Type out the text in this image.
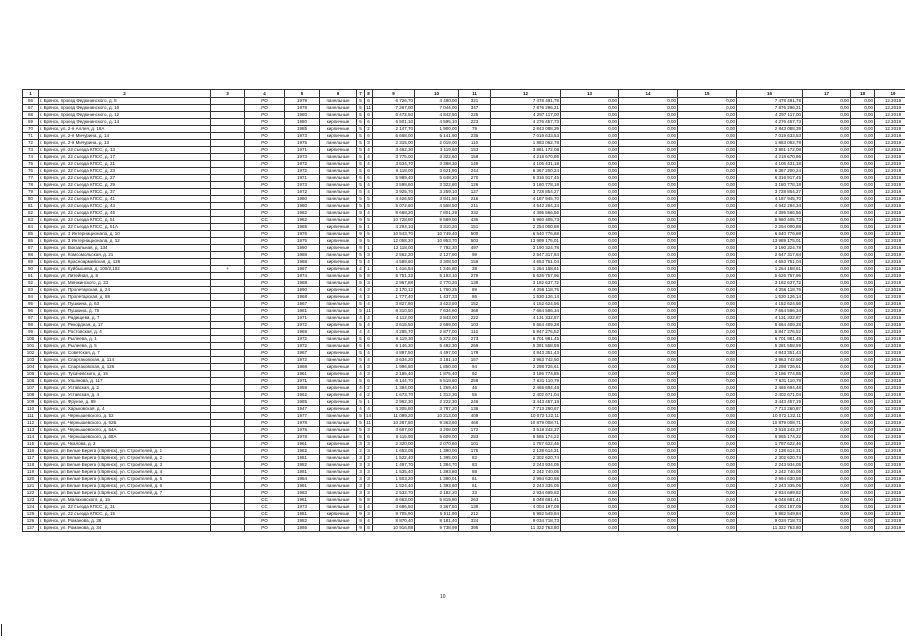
1	2	3	4	5	6	7	8	9	10	11	12	13	14	15	16	17	18	19
66	г. Брянск, проезд Федюнинского, д. 8		РО	1979	панельные	5	6	6 726,70	4 490,00	321	7 478 491,78	0,00	0,00	0,00	7 478 491,78	0,00	0,00	12.2019
67	г. Брянск, проезд Федюнинского, д. 10		РО	1978	панельные	5	11	7 267,90	7 044,00	347	7 876 296,21	0,00	0,00	0,00	7 876 296,21	0,00	0,00	12.2019
68	г. Брянск, проезд Федюнинского, д. 12		РО	1980	панельные	5	6	6 472,50	4 842,50	225	4 297 117,00	0,00	0,00	0,00	4 297 117,00	0,00	0,00	12.2019
69	г. Брянск, проезд Федюнинского, д. 14		РО	1980	кирпичные	5	6	6 501,10	4 595,10	223	4 276 457,73	0,00	0,00	0,00	4 276 457,73	0,00	0,00	12.2019
70	г. Брянск, ул. 2-я Аллея, д. 18А		РО	1985	кирпичные	5	2	2 147,70	1 900,00	79	2 843 088,39	0,00	0,00	0,00	2 843 088,39	0,00	0,00	12.2019
71	г. Брянск, ул. 2-я Мичурина, д. 14		РО	1973	кирпичные	5	6	6 668,00	5 141,90	236	7 019 633,53	0,00	0,00	0,00	7 019 633,53	0,00	0,00	12.2019
72	г. Брянск, ул. 2-я Мичурина, д. 13		РО	1975	панельные	5	3	2 315,00	2 019,00	110	1 883 062,78	0,00	0,00	0,00	1 883 062,78	0,00	0,00	12.2019
73	г. Брянск, ул. 22 съезда КПСС, д. 13		РО	1971	кирпичные	5	4	3 462,30	3 119,60	153	3 881 172,08	0,00	0,00	0,00	3 881 172,08	0,00	0,00	12.2019
74	г. Брянск, ул. 22 съезда КПСС, д. 17		РО	1973	панельные	5	4	3 775,00	3 322,60	158	4 218 670,86	0,00	0,00	0,00	4 218 670,86	0,00	0,00	12.2019
75	г. Брянск, ул. 22 съезда КПСС, д. 21		РО	1972	панельные	5	4	3 634,70	3 388,30	149	4 105 431,18	0,00	0,00	0,00	4 105 431,18	0,00	0,00	12.2019
76	г. Брянск, ул. 22 съезда КПСС, д. 23		РО	1972	панельные	5	6	6 118,00	3 621,90	244	6 367 200,24	0,00	0,00	0,00	6 367 200,24	0,00	0,00	12.2019
77	г. Брянск, ул. 22 съезда КПСС, д. 27		РО	1971	панельные	5	6	5 989,40	5 648,20	270	6 316 917,45	0,00	0,00	0,00	6 316 917,45	0,00	0,00	12.2019
78	г. Брянск, ул. 22 съезда КПСС, д. 29		РО	1973	панельные	5	4	3 598,60	3 322,60	126	3 180 778,18	0,00	0,00	0,00	3 180 778,18	0,00	0,00	12.2019
79	г. Брянск, ул. 22 съезда КПСС, д. 37		РО	1972	панельные	5	4	3 925,70	3 259,10	127	3 728 854,27	0,00	0,00	0,00	3 728 854,27	0,00	0,00	12.2019
80	г. Брянск, ул. 22 съезда КПСС, д. 41		РО	1980	панельные	5	5	4 426,50	3 941,50	216	4 187 945,70	0,00	0,00	0,00	4 187 945,70	0,00	0,00	12.2019
81	г. Брянск, ул. 22 съезда КПСС, д. 43		РО	1980	панельные	5	5	5 072,60	4 558,50	211	4 542 284,34	0,00	0,00	0,00	4 542 284,34	0,00	0,00	12.2019
82	г. Брянск, ул. 22 съезда КПСС, д. 45		РО	1982	панельные	9	4	8 668,20	7 801,29	332	4 395 566,56	0,00	0,00	0,00	4 395 566,56	0,00	0,00	12.2019
83	г. Брянск, ул. 22 съезда КПСС, д. 51		СС	1982	панельные	9	5	10 728,80	9 589,00	435	5 960 405,73	0,00	0,00	0,00	5 960 405,73	0,00	0,00	12.2019
84	г. Брянск, ул. 22 съезда КПСС, д. 51А		РО	1985	кирпичные	5	1	4 294,10	3 310,20	151	2 254 000,88	0,00	0,00	0,00	2 254 000,88	0,00	0,00	12.2019
85	г. Брянск, ул. 3 Интернационала, д. 10		РО	1976	панельные	9	5	10 543,70	10 749,40	500	6 540 776,68	0,00	0,00	0,00	6 540 776,68	0,00	0,00	12.2019
86	г. Брянск, ул. 3 Интернационала, д. 12		РО	1975	кирпичные	9	5	12 058,20	10 953,70	503	13 989 175,01	0,00	0,00	0,00	13 989 175,01	0,00	0,00	12.2019
87	г. Брянск, ул. Вокзальная, д. 134		РО	1990	кирпичные	9	1	12 118,00	7 792,20	497	3 190 324,78	0,00	0,00	0,00	3 190 324,78	0,00	0,00	12.2019
88	г. Брянск, ул. Комсомольская, д. 21		РО	1988	панельные	5	3	2 562,20	2 127,90	98	2 547 317,84	0,00	0,00	0,00	2 547 317,84	0,00	0,00	12.2019
89	г. Брянск, ул. Красноармейская, д. 126		РО	1988	кирпичные	5	4	4 589,60	3 308,50	156	4 653 751,04	0,00	0,00	0,00	4 653 751,04	0,00	0,00	12.2019
90	г. Брянск, ул. Куйбышева, д. 100/2,102	+	РО	1967	кирпичные	4	1	1 416,94	1 246,80	28	1 264 158,61	0,00	0,00	0,00	1 264 158,61	0,00	0,00	12.2019
91	г. Брянск, ул. Литейная, д. 8		РО	1974	панельные	5	8	5 751,33	5 183,10	279	5 626 757,95	0,00	0,00	0,00	5 626 757,95	0,00	0,00	12.2019
92	г. Брянск, ул. Менжинского, д. 33		РО	1988	панельные	5	3	2 967,88	2 770,20	138	3 182 637,72	0,00	0,00	0,00	3 182 637,72	0,00	0,00	12.2019
93	г. Брянск, ул. Пролетарская, д. 24		РО	1990	кирпичные	4	3	2 170,12	1 760,25	89	4 256 118,76	0,00	0,00	0,00	4 256 118,76	0,00	0,00	12.2019
94	г. Брянск, ул. Пролетарская, д. 58		РО	1968	кирпичные	4	2	1 777,40	1 437,33	86	1 530 126,14	0,00	0,00	0,00	1 530 126,14	0,00	0,00	12.2019
95	г. Брянск, ул. Пушкина, д. 63		РО	1967	панельные	5	4	3 827,80	3 423,50	152	4 152 624,56	0,00	0,00	0,00	4 152 624,56	0,00	0,00	12.2019
96	г. Брянск, ул. Пушкина, д. 75		РО	1981	панельные	5	11	8 310,50	7 634,60	368	7 664 586,34	0,00	0,00	0,00	7 664 586,34	0,00	0,00	12.2019
97	г. Брянск, ул. Радищева, д. 7		РО	1971	панельные	4	4	4 112,00	2 843,00	222	4 131 332,87	0,00	0,00	0,00	4 131 332,87	0,00	0,00	12.2019
98	г. Брянск, ул. Рекордная, д. 17		РО	1972	кирпичные	5	4	3 615,50	2 689,00	103	5 664 409,28	0,00	0,00	0,00	5 664 409,28	0,00	0,00	12.2019
99	г. Брянск, ул. Ростовская, д. 4		РО	1969	кирпичные	4	4	4 285,70	2 877,00	110	5 847 276,52	0,00	0,00	0,00	5 847 276,52	0,00	0,00	12.2019
100	г. Брянск, ул. Рылеева, д. 1		РО	1972	панельные	5	6	6 119,30	5 272,00	273	6 701 981,45	0,00	0,00	0,00	6 701 981,45	0,00	0,00	12.2019
101	г. Брянск, ул. Рылеева, д. 5		РО	1972	панельные	5	6	6 146,20	5 492,30	269	5 381 558,59	0,00	0,00	0,00	5 381 558,59	0,00	0,00	12.2019
102	г. Брянск, ул. Советская, д. 7		РО	1967	кирпичные	5	4	4 897,50	4 497,00	179	4 843 351,43	0,00	0,00	0,00	4 843 351,43	0,00	0,00	12.2019
103	г. Брянск, ул. Спартаковская, д. 114		РО	1972	панельные	5	4	3 634,20	3 181,10	157	3 963 742,50	0,00	0,00	0,00	3 963 742,50	0,00	0,00	12.2019
104	г. Брянск, ул. Спартаковская, д. 126		РО	1968	кирпичные	4	3	1 996,80	1 850,00	94	2 298 726,61	0,00	0,00	0,00	2 298 726,61	0,00	0,00	12.2019
105	г. Брянск, ул. Тухачевского, д. 15		РО	1961	кирпичные	4	3	2 185,40	1 875,40	92	3 186 774,85	0,00	0,00	0,00	3 186 774,85	0,00	0,00	12.2019
106	г. Брянск, ул. Ульянова, д. 117		РО	1971	панельные	5	6	6 144,70	5 519,60	258	7 631 110,79	0,00	0,00	0,00	7 631 110,79	0,00	0,00	12.2019
107	г. Брянск, ул. Уставская, д. 2		РО	1959	кирпичные	4	2	1 394,00	1 269,40	46	2 465 694,48	0,00	0,00	0,00	2 465 694,48	0,00	0,00	12.2019
108	г. Брянск, ул. Уставская, д. 4		РО	1962	кирпичные	4	2	1 673,70	1 312,30	55	2 402 671,04	0,00	0,00	0,00	2 402 671,04	0,00	0,00	12.2019
109	г. Брянск, ул. Фрунзе, д. 89		РО	1985	кирпичные	5	1	2 962,30	2 222,30	246	3 443 457,19	0,00	0,00	0,00	3 443 457,19	0,00	0,00	12.2019
110	г. Брянск, ул. Харьковская, д. 4		РО	1947	кирпичные	4	4	4 305,80	3 787,20	136	7 713 260,87	0,00	0,00	0,00	7 713 260,87	0,00	0,00	12.2019
111	г. Брянск, ул. Чернышевского, д. 52		РО	1977	панельные	5	14	11 099,20	10 213,00	409	10 072 122,11	0,00	0,00	0,00	10 072 122,11	0,00	0,00	12.2019
112	г. Брянск, ул. Чернышевского, д. 52Б		РО	1978	панельные	5	11	10 287,80	9 363,60	466	10 879 008,71	0,00	0,00	0,00	10 879 008,71	0,00	0,00	12.2019
113	г. Брянск, ул. Чернышевского, д. 64А		РО	1976	панельные	5	3	3 607,00	3 208,00	172	3 518 242,37	0,00	0,00	0,00	3 518 242,37	0,00	0,00	12.2019
114	г. Брянск, ул. Чернышевского, д. 68А		РО	1978	панельные	5	6	6 115,90	5 609,00	283	6 565 174,22	0,00	0,00	0,00	6 565 174,22	0,00	0,00	12.2019
115	г. Брянск, ул. Чкалова, д. 2		РО	1961	кирпичные	3	3	2 320,00	2 070,60	101	1 787 622,46	0,00	0,00	0,00	1 787 622,46	0,00	0,00	12.2019
116	г. Брянск, рп Белые Берега (г.Брянск), ул. Строителей, д. 1		РО	1982	панельные	2	3	1 653,05	1 390,00	176	2 138 614,31	0,00	0,00	0,00	2 138 614,31	0,00	0,00	12.2019
117	г. Брянск, рп Белые Берега (г.Брянск), ул. Строителей, д. 2		РО	1981	панельные	3	3	1 522,40	1 395,00	82	2 302 620,74	0,00	0,00	0,00	2 302 620,74	0,00	0,00	12.2019
118	г. Брянск, рп Белые Берега (г.Брянск), ул. Строителей, д. 3		РО	1982	панельные	3	3	1 497,70	1 384,70	83	2 243 934,05	0,00	0,00	0,00	2 243 934,05	0,00	0,00	12.2019
119	г. Брянск, рп Белые Берега (г.Брянск), ул. Строителей, д. 4		РО	1981	панельные	3	3	1 535,40	1 393,80	88	2 242 740,05	0,00	0,00	0,00	2 242 740,05	0,00	0,00	12.2019
120	г. Брянск, рп Белые Берега (г.Брянск), ул. Строителей, д. 5		РО	1984	панельные	3	3	1 503,20	1 390,01	81	2 994 630,58	0,00	0,00	0,00	2 994 630,58	0,00	0,00	12.2019
121	г. Брянск, рп Белые Берега (г.Брянск), ул. Строителей, д. 6		РО	1981	панельные	3	3	1 524,40	1 393,60	81	2 243 335,05	0,00	0,00	0,00	2 243 335,05	0,00	0,00	12.2019
122	г. Брянск, рп Белые Берега (г.Брянск), ул. Строителей, д. 7		РО	1983	панельные	3	3	2 532,70	2 182,20	33	2 934 699,82	0,00	0,00	0,00	2 934 699,82	0,00	0,00	12.2019
123	г. Брянск, ул. Малаховского, д. 15		СС	1981	панельные	5	8	6 663,00	5 815,80	263	6 048 681,41	0,00	0,00	0,00	6 048 681,41	0,00	0,00	12.2019
124	г. Брянск, ул. 22 съезда КПСС, д. 31		СС	1973	панельные	5	4	3 686,50	3 367,50	138	4 004 197,09	0,00	0,00	0,00	4 004 197,09	0,00	0,00	12.2019
125	г. Брянск, ул. 22 съезда КПСС, д. 15		СС	1981	кирпичные	9	3	8 705,90	5 511,90	212	5 982 549,84	0,00	0,00	0,00	5 982 549,84	0,00	0,00	12.2019
126	г. Брянск, ул. Романова, д. 38		РО	1982	панельные	9	4	8 870,40	8 181,40	324	9 034 718,73	0,00	0,00	0,00	9 034 718,73	0,00	0,00	12.2019
127	г. Брянск, ул. Романова, д. 34		РО	1986	панельные	9	5	10 916,88	9 738,99	395	11 322 763,80	0,00	0,00	0,00	11 322 763,80	0,00	0,00	12.2019
10
